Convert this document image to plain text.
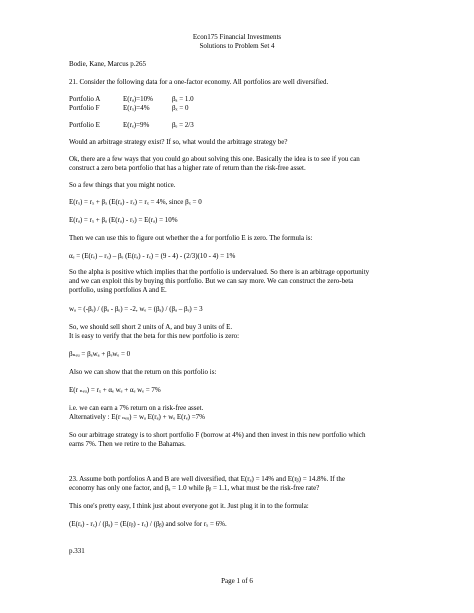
Econ175 Financial Investments

Solutions to Problem Set 4

Bodie, Kane, Marcus p.265

21. Consider the following data for a one-factor economy. All portfolios are well diversified.

Portfolio A	E(rₐ)=10%	βₐ = 1.0

Portfolio F	E(rₓ)=4%	βₓ = 0

Portfolio E	E(rₑ)=9%	βₑ = 2/3

Would an arbitrage strategy exist? If so, what would the arbitrage strategy be?

Ok, there are a few ways that you could go about solving this one. Basically the idea is to see if you can

construct a zero beta portfolio that has a higher rate of return than the risk-free asset.

So a few things that you might notice.

E(rₓ) = rₓ + βₓ (E(rₐ) - rₓ) = rₓ = 4%, since βₓ = 0

E(rₐ) = rₓ + βₐ (E(rₐ) - rₓ) = E(rₐ) = 10%

Then we can use this to figure out whether the a for portfolio E is zero. The formula is:

αₑ = (E(rₑ) – rₓ) – βₑ (E(rₐ) - rₓ) = (9 - 4) - (2/3)(10 - 4) = 1%

So the alpha is positive which implies that the portfolio is undervalued. So there is an arbitrage opportunity

and we can exploit this by buying this portfolio. But we can say more. We can construct the zero-beta

portfolio, using portfolios A and E.

wₐ = (-βₑ) / (βₐ - βₑ) = -2, wₑ = (βₐ) / (βₐ – βₑ) = 3

So, we should sell short 2 units of A, and buy 3 units of E.

It is easy to verify that the beta for this new portfolio is zero:

βₙₑᵤ = βₐwₐ + βₑwₑ = 0

Also we can show that the return on this portfolio is:

E(r ₙₑᵤ) = rₓ + αₑ wₑ + αₑ wₑ = 7%

i.e. we can earn a 7% return on a risk-free asset.

Alternatively : E(r ₙₑᵤ) = wₐ E(rₐ) + wₑ E(rₑ) =7%

So our arbitrage strategy is to short portfolio F (borrow at 4%) and then invest in this new portfolio which

earns 7%. Then we retire to the Bahamas.

23. Assume both portfolios A and B are well diversified, that E(rₐ) = 14% and E(rᵦ) = 14.8%. If the

economy has only one factor, and βₐ = 1.0 while βᵦ = 1.1, what must be the risk-free rate?

This one's pretty easy, I think just about everyone got it. Just plug it in to the formula:

(E(rₐ) - rₓ) / (βₐ) = (E(rᵦ) - rₓ) / (βᵦ) and solve for rₓ = 6%.

p.331

Page 1 of 6
